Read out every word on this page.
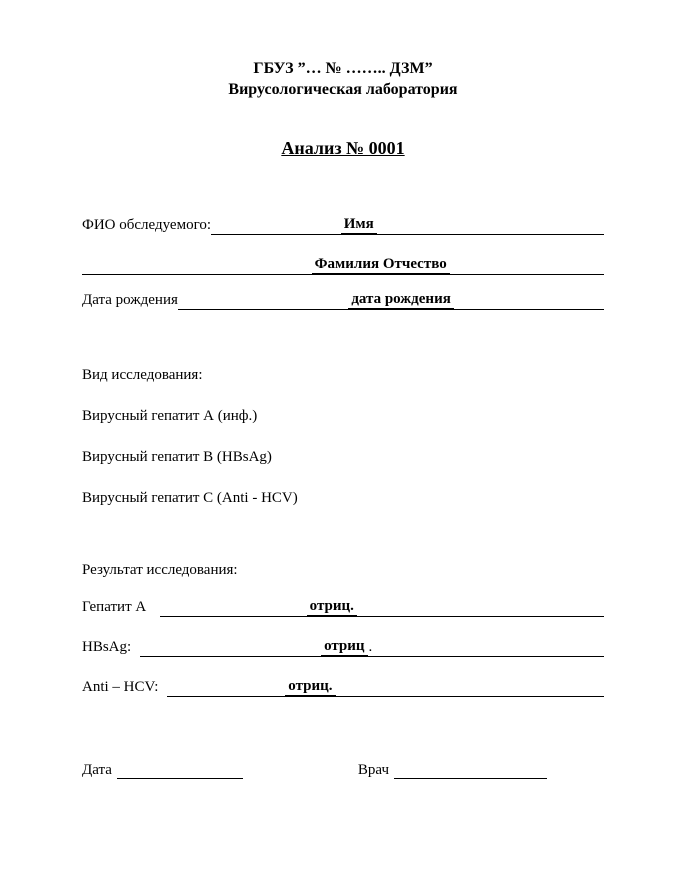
ГБУЗ ”… № …….. ДЗМ”
Вирусологическая лаборатория
Анализ № 0001
ФИО обследуемого:	Имя
Фамилия Отчество
Дата рождения	дата рождения
Вид исследования:
Вирусный гепатит А (инф.)
Вирусный гепатит В (HBsAg)
Вирусный гепатит С (Anti - HCV)
Результат исследования:
Гепатит А	отриц.
HBsAg:	отриц .
Anti – HCV:	отриц.
Дата	Врач
